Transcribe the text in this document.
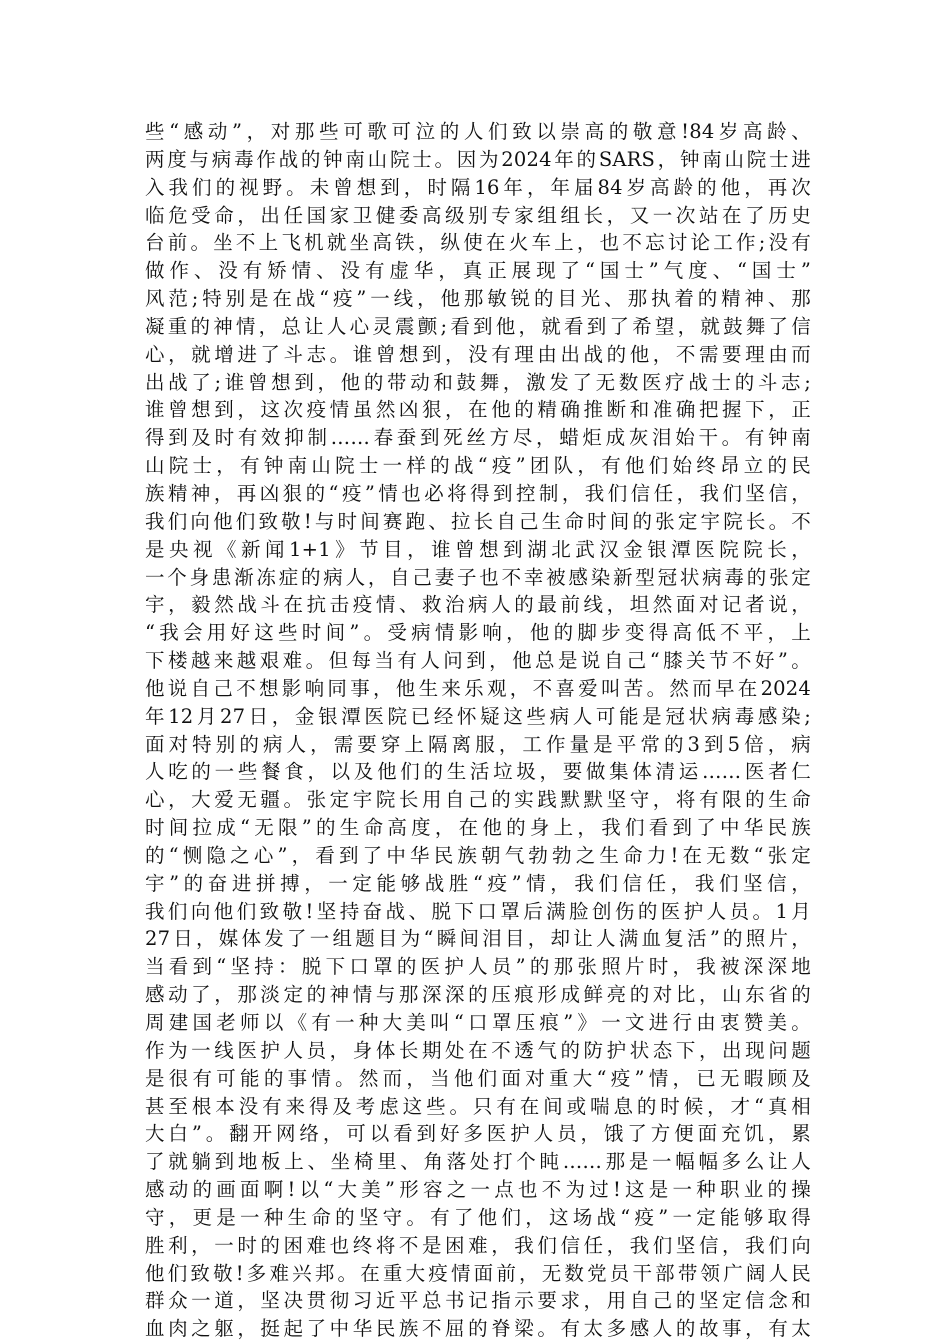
些“感动”，对那些可歌可泣的人们致以崇高的敬意!84岁高龄、
两度与病毒作战的钟南山院士。因为2024年的SARS，钟南山院士进
入我们的视野。未曾想到，时隔16年，年届84岁高龄的他，再次
临危受命，出任国家卫健委高级别专家组组长，又一次站在了历史
台前。坐不上飞机就坐高铁，纵使在火车上，也不忘讨论工作;没有
做作、没有矫情、没有虚华，真正展现了“国士”气度、“国士”
风范;特别是在战“疫”一线，他那敏锐的目光、那执着的精神、那
凝重的神情，总让人心灵震颤;看到他，就看到了希望，就鼓舞了信
心，就增进了斗志。谁曾想到，没有理由出战的他，不需要理由而
出战了;谁曾想到，他的带动和鼓舞，激发了无数医疗战士的斗志;
谁曾想到，这次疫情虽然凶狠，在他的精确推断和准确把握下，正
得到及时有效抑制……春蚕到死丝方尽，蜡炬成灰泪始干。有钟南
山院士，有钟南山院士一样的战“疫”团队，有他们始终昂立的民
族精神，再凶狠的“疫”情也必将得到控制，我们信任，我们坚信，
我们向他们致敬!与时间赛跑、拉长自己生命时间的张定宇院长。不
是央视《新闻1+1》节目，谁曾想到湖北武汉金银潭医院院长，
一个身患渐冻症的病人，自己妻子也不幸被感染新型冠状病毒的张定
宇，毅然战斗在抗击疫情、救治病人的最前线，坦然面对记者说，
“我会用好这些时间”。受病情影响，他的脚步变得高低不平，上
下楼越来越艰难。但每当有人问到，他总是说自己“膝关节不好”。
他说自己不想影响同事，他生来乐观，不喜爱叫苦。然而早在2024
年12月27日，金银潭医院已经怀疑这些病人可能是冠状病毒感染;
面对特别的病人，需要穿上隔离服，工作量是平常的3到5倍，病
人吃的一些餐食，以及他们的生活垃圾，要做集体清运……医者仁
心，大爱无疆。张定宇院长用自己的实践默默坚守，将有限的生命
时间拉成“无限”的生命高度，在他的身上，我们看到了中华民族
的“恻隐之心”，看到了中华民族朝气勃勃之生命力!在无数“张定
宇”的奋进拼搏，一定能够战胜“疫”情，我们信任，我们坚信，
我们向他们致敬!坚持奋战、脱下口罩后满脸创伤的医护人员。1月
27日，媒体发了一组题目为“瞬间泪目，却让人满血复活”的照片，
当看到“坚持：脱下口罩的医护人员”的那张照片时，我被深深地
感动了，那淡定的神情与那深深的压痕形成鲜亮的对比，山东省的
周建国老师以《有一种大美叫“口罩压痕”》一文进行由衷赞美。
作为一线医护人员，身体长期处在不透气的防护状态下，出现问题
是很有可能的事情。然而，当他们面对重大“疫”情，已无暇顾及
甚至根本没有来得及考虑这些。只有在间或喘息的时候，才“真相
大白”。翻开网络，可以看到好多医护人员，饿了方便面充饥，累
了就躺到地板上、坐椅里、角落处打个盹……那是一幅幅多么让人
感动的画面啊!以“大美”形容之一点也不为过!这是一种职业的操
守，更是一种生命的坚守。有了他们，这场战“疫”一定能够取得
胜利，一时的困难也终将不是困难，我们信任，我们坚信，我们向
他们致敬!多难兴邦。在重大疫情面前，无数党员干部带领广阔人民
群众一道，坚决贯彻习近平总书记指示要求，用自己的坚定信念和
血肉之躯，挺起了中华民族不屈的脊梁。有太多感人的故事，有太
